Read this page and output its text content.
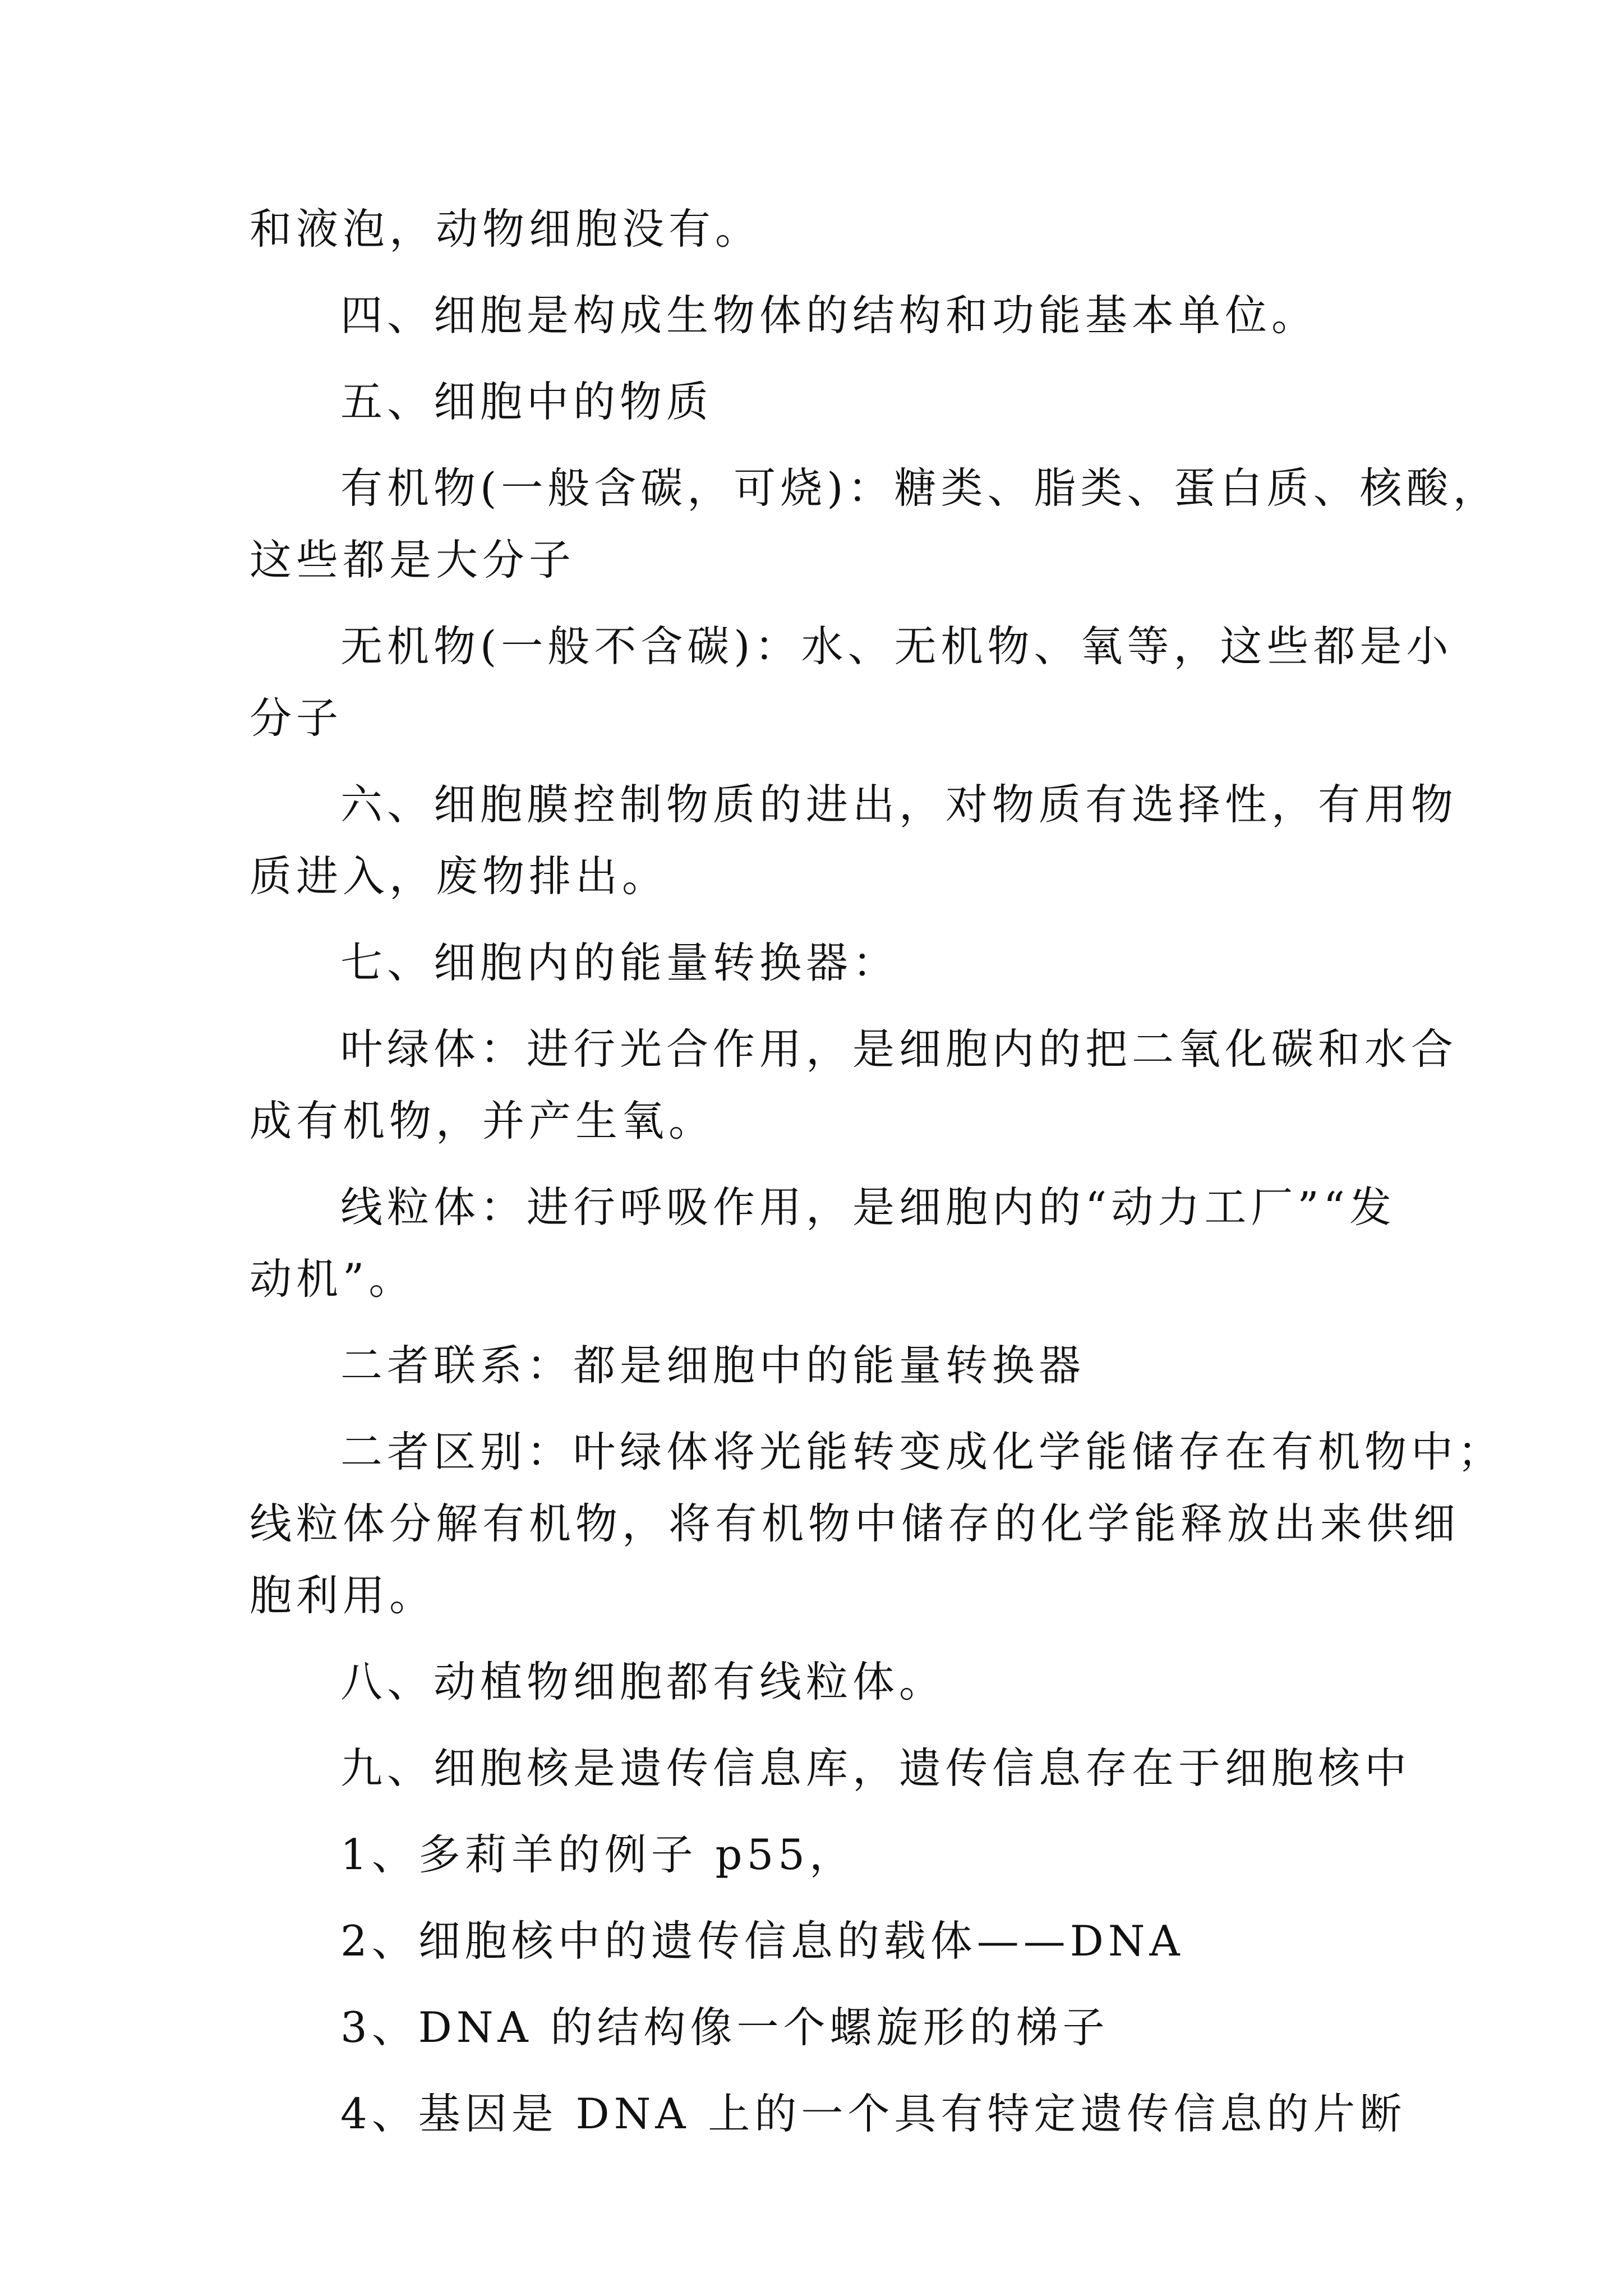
和液泡，动物细胞没有。
四、细胞是构成生物体的结构和功能基本单位。
五、细胞中的物质
有机物(一般含碳，可烧)：糖类、脂类、蛋白质、核酸，
这些都是大分子
无机物(一般不含碳)：水、无机物、氧等，这些都是小
分子
六、细胞膜控制物质的进出，对物质有选择性，有用物
质进入，废物排出。
七、细胞内的能量转换器：
叶绿体：进行光合作用，是细胞内的把二氧化碳和水合
成有机物，并产生氧。
线粒体：进行呼吸作用，是细胞内的“动力工厂”“发
动机”。
二者联系：都是细胞中的能量转换器
二者区别：叶绿体将光能转变成化学能储存在有机物中；
线粒体分解有机物，将有机物中储存的化学能释放出来供细
胞利用。
八、动植物细胞都有线粒体。
九、细胞核是遗传信息库，遗传信息存在于细胞核中
1、多莉羊的例子 p55，
2、细胞核中的遗传信息的载体——DNA
3、DNA 的结构像一个螺旋形的梯子
4、基因是 DNA 上的一个具有特定遗传信息的片断
